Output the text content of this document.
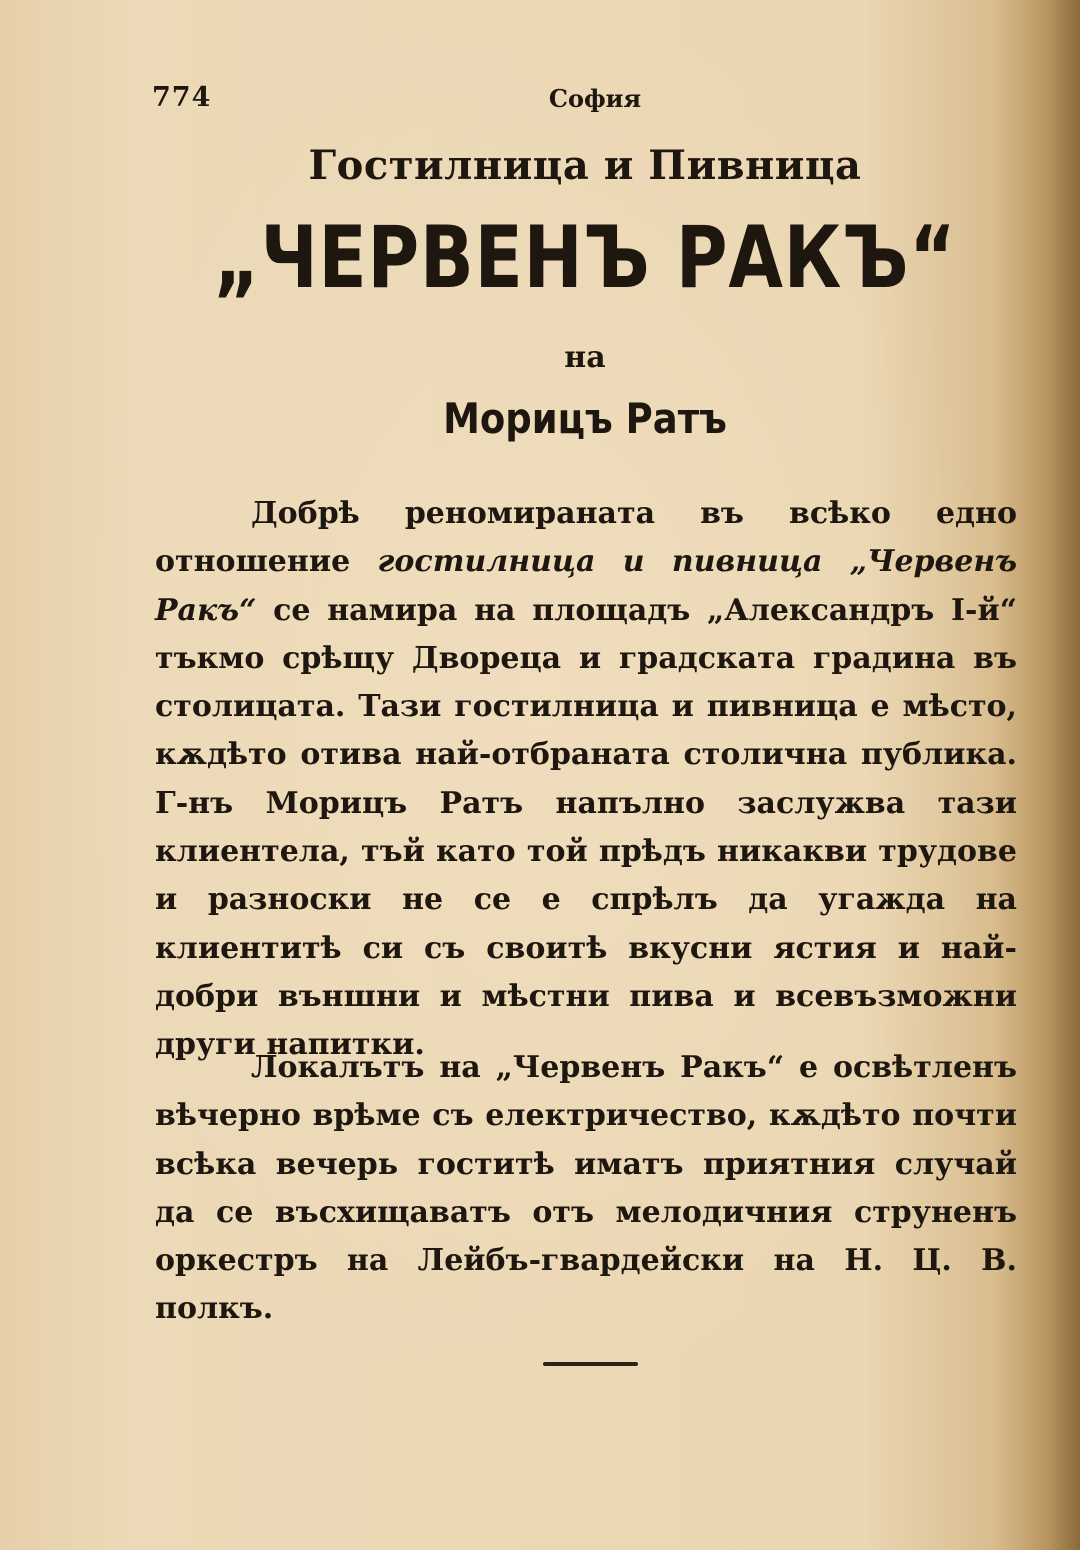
774	София
Гостилница и Пивница
„ЧЕРВЕНЪ РАКЪ“
на
Морицъ Ратъ

Добрѣ реномираната въ всѣко едно отношение гостилница и пивница „Червенъ Ракъ“ се намира на площадъ „Александръ I-й“ тъкмо срѣщу Двореца и градската градина въ столицата. Тази гостилница и пивница е мѣсто, кѫдѣто отива най-отбраната столична публика. Г-нъ Морицъ Ратъ напълно заслужва тази клиентела, тъй като той прѣдъ никакви трудове и разноски не се е спрѣлъ да угажда на клиентитѣ си съ своитѣ вкусни ястия и най-добри външни и мѣстни пива и всевъзможни други напитки.

Локалътъ на „Червенъ Ракъ“ е освѣтленъ вѣчерно врѣме съ електричество, кѫдѣто почти всѣка вечерь гоститѣ иматъ приятния случай да се въсхищаватъ отъ мелодичния струненъ оркестръ на Лейбъ-гвардейски на Н. Ц. В. полкъ.
